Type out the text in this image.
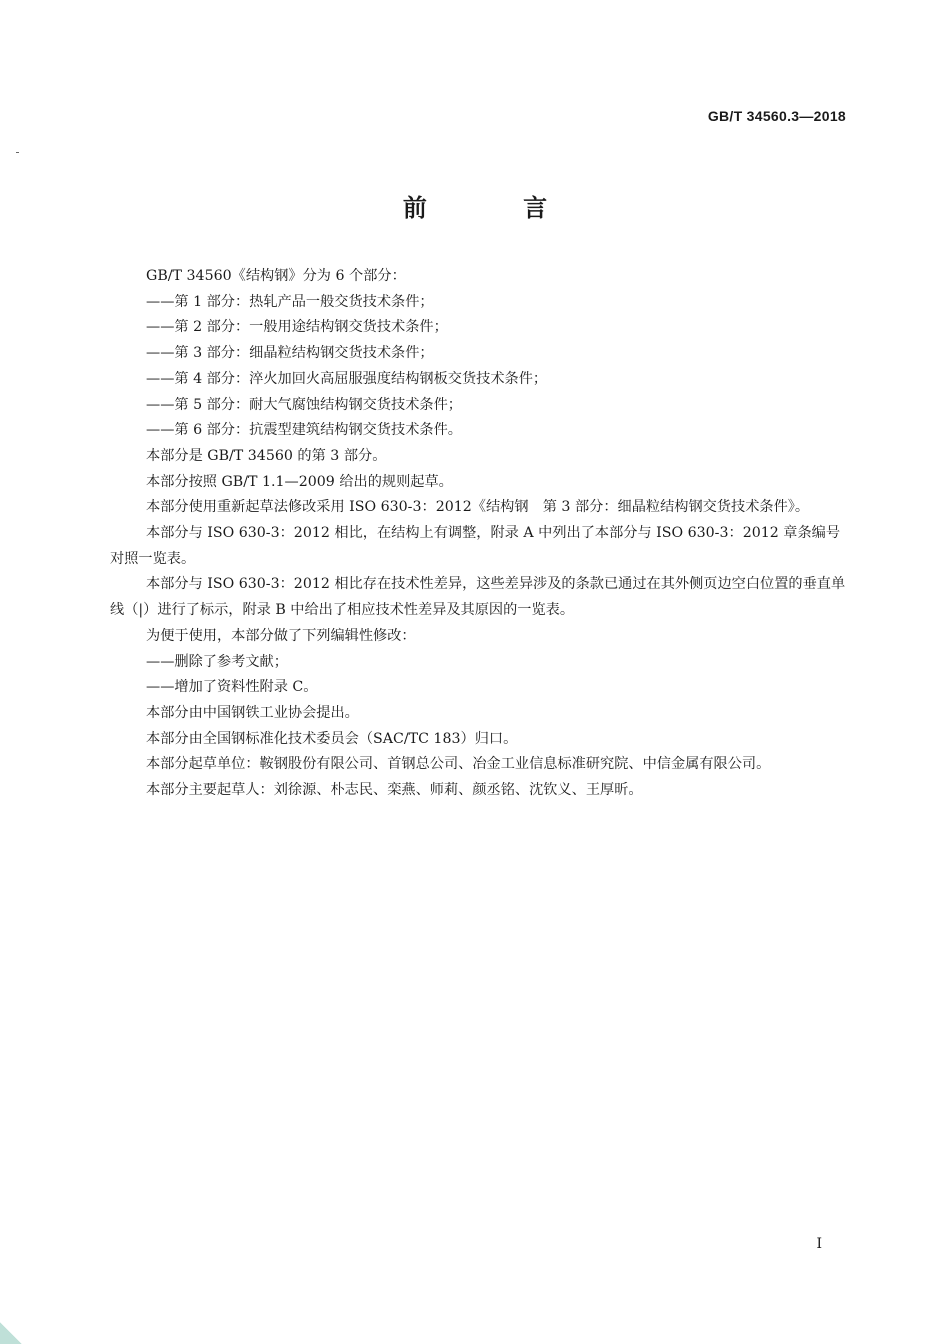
GB/T 34560.3—2018
前 言

GB/T 34560《结构钢》分为 6 个部分：

——第 1 部分：热轧产品一般交货技术条件；

——第 2 部分：一般用途结构钢交货技术条件；

——第 3 部分：细晶粒结构钢交货技术条件；

——第 4 部分：淬火加回火高屈服强度结构钢板交货技术条件；

——第 5 部分：耐大气腐蚀结构钢交货技术条件；

——第 6 部分：抗震型建筑结构钢交货技术条件。

本部分是 GB/T 34560 的第 3 部分。

本部分按照 GB/T 1.1—2009 给出的规则起草。

本部分使用重新起草法修改采用 ISO 630-3：2012《结构钢　第 3 部分：细晶粒结构钢交货技术条件》。

本部分与 ISO 630-3：2012 相比，在结构上有调整，附录 A 中列出了本部分与 ISO 630-3：2012 章条编号对照一览表。

本部分与 ISO 630-3：2012 相比存在技术性差异，这些差异涉及的条款已通过在其外侧页边空白位置的垂直单线（|）进行了标示，附录 B 中给出了相应技术性差异及其原因的一览表。

为便于使用，本部分做了下列编辑性修改：

——删除了参考文献；

——增加了资料性附录 C。

本部分由中国钢铁工业协会提出。

本部分由全国钢标准化技术委员会（SAC/TC 183）归口。

本部分起草单位：鞍钢股份有限公司、首钢总公司、冶金工业信息标准研究院、中信金属有限公司。

本部分主要起草人：刘徐源、朴志民、栾燕、师莉、颜丞铭、沈钦义、王厚昕。

I
